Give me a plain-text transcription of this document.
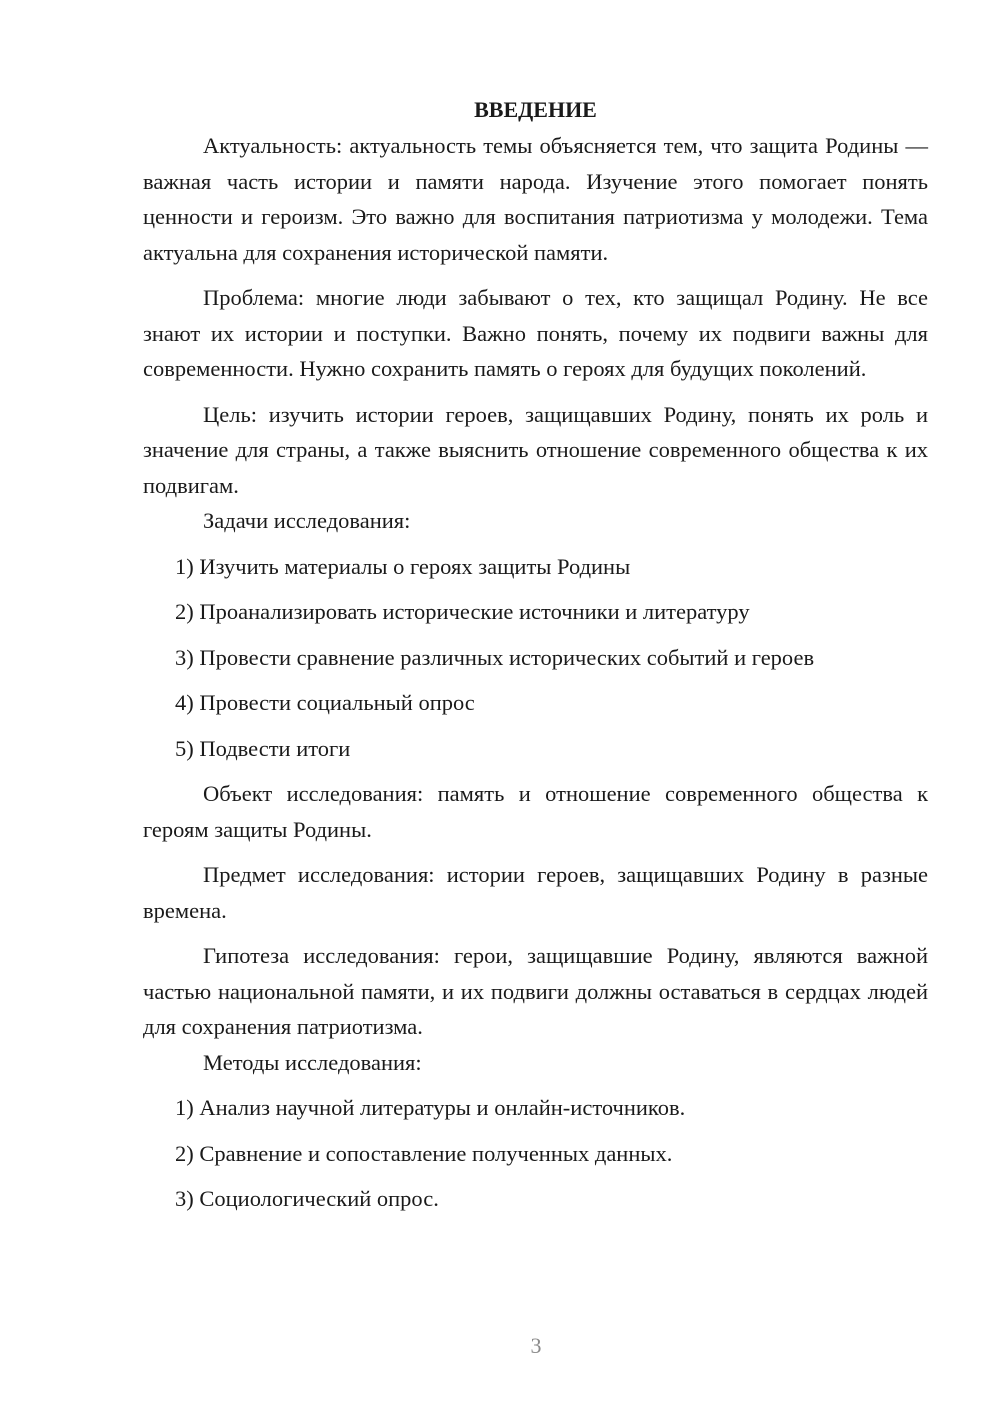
ВВЕДЕНИЕ

Актуальность: актуальность темы объясняется тем, что защита Родины — важная часть истории и памяти народа. Изучение этого помогает понять ценности и героизм. Это важно для воспитания патриотизма у молодежи. Тема актуальна для сохранения исторической памяти.

Проблема: многие люди забывают о тех, кто защищал Родину. Не все знают их истории и поступки. Важно понять, почему их подвиги важны для современности. Нужно сохранить память о героях для будущих поколений.

Цель: изучить истории героев, защищавших Родину, понять их роль и значение для страны, а также выяснить отношение современного общества к их подвигам.

Задачи исследования:

1) Изучить материалы о героях защиты Родины

2) Проанализировать исторические источники и литературу

3) Провести сравнение различных исторических событий и героев

4) Провести социальный опрос

5) Подвести итоги

Объект исследования: память и отношение современного общества к героям защиты Родины.

Предмет исследования: истории героев, защищавших Родину в разные времена.

Гипотеза исследования: герои, защищавшие Родину, являются важной частью национальной памяти, и их подвиги должны оставаться в сердцах людей для сохранения патриотизма.

Методы исследования:

1) Анализ научной литературы и онлайн-источников.

2) Сравнение и сопоставление полученных данных.

3) Социологический опрос.

3
